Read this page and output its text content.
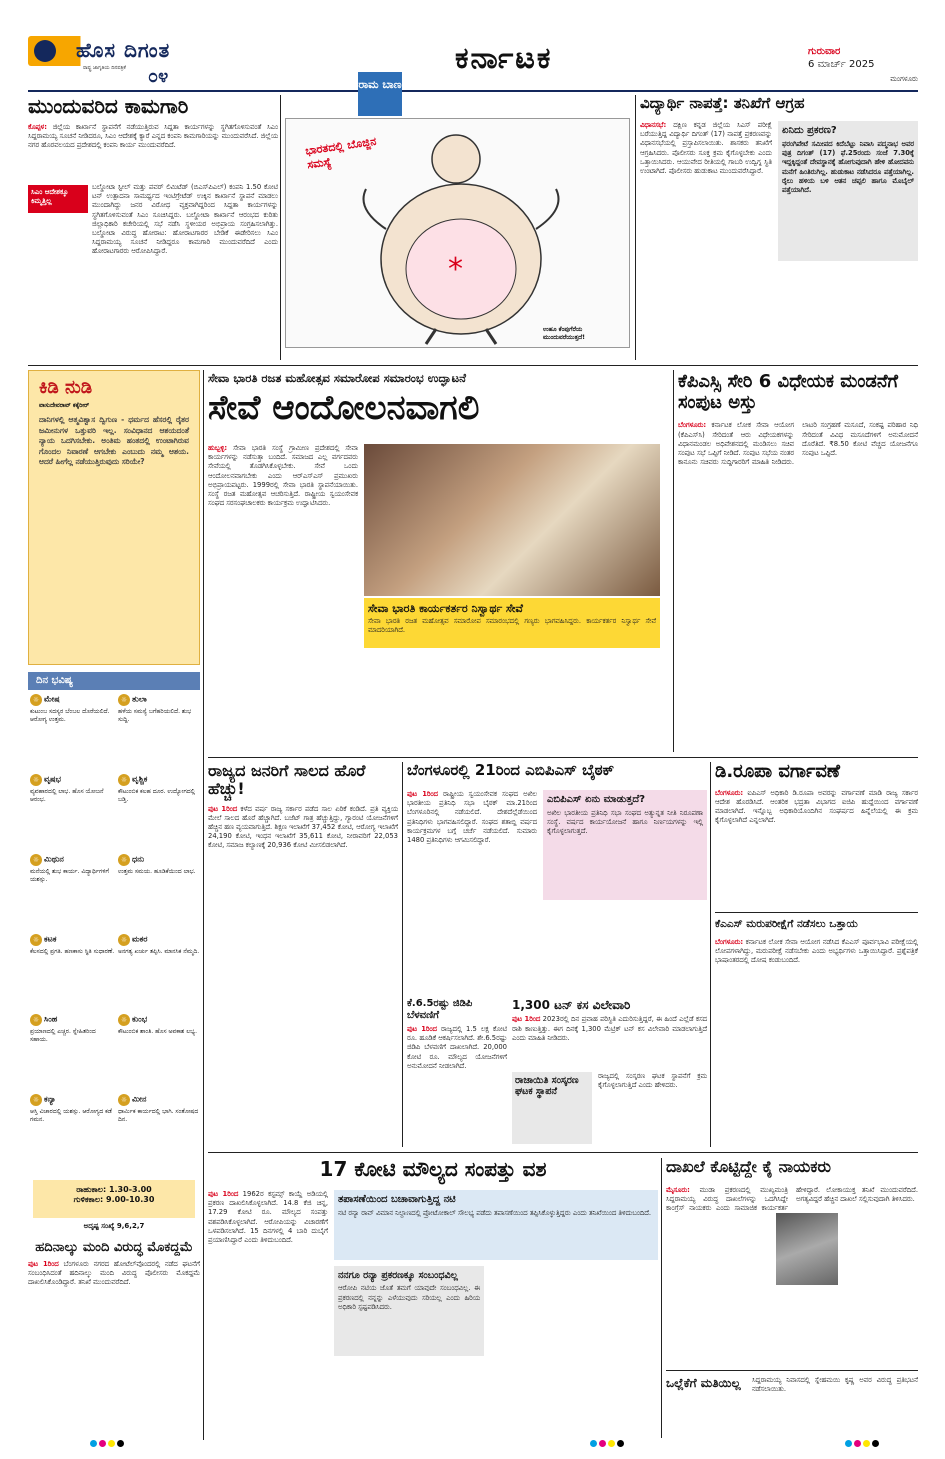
ಹೊಸ ದಿಗಂತ
ರಾಷ್ಟ್ರ ಜಾಗೃತಿಯ ದಿನಪತ್ರಿಕೆ ೦೪
ಕರ್ನಾಟಕ	ಗುರುವಾರ
6 ಮಾರ್ಚ್ 2025
ಮಂಗಳೂರು
ಮುಂದುವರಿದ ಕಾಮಗಾರಿ
ಕೊಪ್ಪಳ: ಜಿಲ್ಲೆಯ ಕಾರ್ಖಾನೆ ಸ್ಥಾಪನೆಗೆ ನಡೆಯುತ್ತಿರುವ ಸಿದ್ದತಾ ಕಾರ್ಯಗಳನ್ನು ಸ್ಥಗಿತಗೊಳಿಸುವಂತೆ ಸಿಎಂ ಸಿದ್ದರಾಮಯ್ಯ ಸೂಚನೆ ನೀಡಿದರೂ, ಸಿಎಂ ಆದೇಶಕ್ಕೆ ಕ್ಯಾರೆ ಎನ್ನದ ಕಂಪನಿ ಕಾಮಗಾರಿಯನ್ನು ಮುಂದುವರೆಸಿದೆ. ಜಿಲ್ಲೆಯ ನಗರ ಹೊರವಲಯದ ಪ್ರದೇಶದಲ್ಲಿ ಕಂಪನಿ ಕಾರ್ಯ ಮುಂದುವರೆದಿದೆ.
ಸಿಎಂ ಆದೇಶಕ್ಕೂ ಕಿಮ್ಮತ್ತಿಲ್ಲ
ಬಲ್ಡೋಟಾ ಸ್ಟೀಲ್ ಮತ್ತು ಪವರ್ ಲಿಮಿಟೆಡ್ (ಬಿಎಸ್‌ಪಿಎಲ್) ಕಂಪನಿ 1.50 ಕೋಟಿ ಟನ್ ಉತ್ಪಾದನಾ ಸಾಮರ್ಥ್ಯದ ಇಂಟಿಗ್ರೇಟೆಡ್ ಉಕ್ಕಿನ ಕಾರ್ಖಾನೆ ಸ್ಥಾಪನೆ ಮಾಡಲು ಮುಂದಾಗಿದ್ದು ಜನರ ವಿರೋಧ ವ್ಯಕ್ತವಾಗಿದ್ದರಿಂದ ಸಿದ್ದತಾ ಕಾರ್ಯಗಳನ್ನು ಸ್ಥಗಿತಗೊಳಿಸುವಂತೆ ಸಿಎಂ ಸೂಚಿಸಿದ್ದರು. ಬಲ್ಡೋಟಾ ಕಾರ್ಖಾನೆ ಆರಂಭದ ಕುರಿತು ಜಿಲ್ಲಾಧಿಕಾರಿ ಕಚೇರಿಯಲ್ಲಿ ಸಭೆ ನಡೆಸಿ ಸ್ಥಳೀಯರ ಅಭಿಪ್ರಾಯ ಸಂಗ್ರಹಿಸಲಾಗಿತ್ತು. ಬಲ್ಡೋಟಾ ವಿರುದ್ಧ ಹೋರಾಟ: ಹೋರಾಟಗಾರರ ಬೇಡಿಕೆ ಈಡೇರಿಸಲು ಸಿಎಂ ಸಿದ್ದರಾಮಯ್ಯ ಸೂಚನೆ ನೀಡಿದ್ದರೂ ಕಾಮಗಾರಿ ಮುಂದುವರೆದಿದೆ ಎಂದು ಹೋರಾಟಗಾರರು ಆರೋಪಿಸಿದ್ದಾರೆ.
ರಾಮ ಬಾಣ
ಭಾರತದಲ್ಲಿ ಬೊಜ್ಜಿನ ಸಮಸ್ಯೆ
*
ಉಹೂ ಕೆಂಪುಗೆರೆಯ ಮುಂದುವರೆಯುತ್ತದೆ!
ವಿದ್ಯಾರ್ಥಿ ನಾಪತ್ತೆ: ತನಿಖೆಗೆ ಆಗ್ರಹ
ವಿಧಾನಸಭೆ: ದಕ್ಷಿಣ ಕನ್ನಡ ಜಿಲ್ಲೆಯ ಸಿಎಸ್ ಪರೀಕ್ಷೆ ಬರೆಯುತ್ತಿದ್ದ ವಿದ್ಯಾರ್ಥಿ ದಿಗಂತ್ (17) ನಾಪತ್ತೆ ಪ್ರಕರಣವನ್ನು ವಿಧಾನಸಭೆಯಲ್ಲಿ ಪ್ರಸ್ತಾಪಿಸಲಾಯಿತು. ಶಾಸಕರು ತನಿಖೆಗೆ ಆಗ್ರಹಿಸಿದರು. ಪೊಲೀಸರು ಸೂಕ್ತ ಕ್ರಮ ಕೈಗೊಳ್ಳಬೇಕು ಎಂದು ಒತ್ತಾಯಿಸಿದರು. ಆಯುವೇದ ರೀತಿಯಲ್ಲಿ ಗಾಬರಿ ಉದ್ವಿಗ್ನ ಸ್ಥಿತಿ ಉಂಟಾಗಿದೆ. ಪೊಲೀಸರು ಹುಡುಕಾಟ ಮುಂದುವರೆಸಿದ್ದಾರೆ.
ಏನಿದು ಪ್ರಕರಣ?
ಫರಂಗಿಪೇಟೆ ಸಮೀಪದ ಕಿದೆಬೆಟ್ಟು ನಿವಾಸಿ ಪದ್ಮನಾಭ ಅವರ ಪುತ್ರ ದಿಗಂತ್ (17) ಫೆ.25ರಂದು ಸಂಜೆ 7.30ಕ್ಕೆ ಇದ್ದಕ್ಕಿದ್ದಂತೆ ದೇವಸ್ಥಾನಕ್ಕೆ ಹೋಗುವುದಾಗಿ ಹೇಳಿ ಹೋದವನು ಮನೆಗೆ ಹಿಂತಿರುಗಿಲ್ಲ. ಹುಡುಕಾಟ ನಡೆಸಿದರೂ ಪತ್ತೆಯಾಗಿಲ್ಲ. ರೈಲು ಹಳಿಯ ಬಳಿ ಆತನ ಚಪ್ಪಲಿ ಹಾಗೂ ಮೊಬೈಲ್ ಪತ್ತೆಯಾಗಿದೆ.
ಕಿಡಿ ನುಡಿ
ವಾಸುದೇವರಾವ್ ಕಕ್ಕೆರೀರ್
ದಾನಿಗಳಲ್ಲಿ ಆತ್ಮವಿಶ್ವಾಸ ದ್ವಿಗುಣ - ಧರ್ಮದ ಹೆಸರಲ್ಲಿ ರೈತರ ಜಮೀನುಗಳ ಒತ್ತುವರಿ ಇಲ್ಲ. ಸಂವಿಧಾನದ ಆಶಯದಂತೆ ನ್ಯಾಯ ಒದಗಿಸಬೇಕು. ಅಂತಿಮ ಹಂತದಲ್ಲಿ ಉಂಟಾಗಿರುವ ಗೊಂದಲ ನಿವಾರಣೆ ಆಗಬೇಕು ಎಂಬುದು ನಮ್ಮ ಆಶಯ. ಆದರೆ ಹೀಗೆಲ್ಲ ನಡೆಯುತ್ತಿರುವುದು ಸರಿಯೇ?
ದಿನ ಭವಿಷ್ಯ
☼ ಮೇಷ
ಕುಟುಂಬ ಸದಸ್ಯರ ಬೆಂಬಲ ದೊರೆಯಲಿದೆ. ಆರೋಗ್ಯ ಉತ್ತಮ.
☼ ವೃಷಭ
ವ್ಯವಹಾರದಲ್ಲಿ ಲಾಭ. ಹೊಸ ಯೋಜನೆ ಆರಂಭ.
☼ ಮಿಥುನ
ಮನೆಯಲ್ಲಿ ಶುಭ ಕಾರ್ಯ. ವಿದ್ಯಾರ್ಥಿಗಳಿಗೆ ಯಶಸ್ಸು.
☼ ಕಟಕ
ಕೆಲಸದಲ್ಲಿ ಪ್ರಗತಿ. ಹಣಕಾಸು ಸ್ಥಿತಿ ಸುಧಾರಣೆ.
☼ ಸಿಂಹ
ಪ್ರಯಾಣದಲ್ಲಿ ಎಚ್ಚರ. ಸ್ನೇಹಿತರಿಂದ ಸಹಾಯ.
☼ ಕನ್ಯಾ
ಆಸ್ತಿ ವಿಚಾರದಲ್ಲಿ ಯಶಸ್ಸು. ಆರೋಗ್ಯದ ಕಡೆ ಗಮನ.
☼ ತುಲಾ
ಹಳೆಯ ಸಮಸ್ಯೆ ಬಗೆಹರಿಯಲಿದೆ. ಶುಭ ಸುದ್ದಿ.
☼ ವೃಶ್ಚಿಕ
ಕೌಟುಂಬಿಕ ಕಲಹ ದೂರ. ಉದ್ಯೋಗದಲ್ಲಿ ಬಡ್ತಿ.
☼ ಧನು
ಉತ್ತಮ ಸಮಯ. ಹೂಡಿಕೆಯಿಂದ ಲಾಭ.
☼ ಮಕರ
ಅನಗತ್ಯ ಖರ್ಚು ತಪ್ಪಿಸಿ. ಮಾನಸಿಕ ನೆಮ್ಮದಿ.
☼ ಕುಂಭ
ಕೌಟುಂಬಿಕ ಶಾಂತಿ. ಹೊಸ ಅವಕಾಶ ಲಭ್ಯ.
☼ ಮೀನ
ಧಾರ್ಮಿಕ ಕಾರ್ಯದಲ್ಲಿ ಭಾಗಿ. ಸಂತೋಷದ ದಿನ.
ರಾಹುಕಾಲ: 1.30-3.00
ಗುಳಿಕಕಾಲ: 9.00-10.30
ಅದೃಷ್ಟ ಸಂಖ್ಯೆ 9,6,2,7
ಹದಿನಾಲ್ಕು ಮಂದಿ ವಿರುದ್ಧ ಮೊಕದ್ದಮೆ
ಪುಟ 1ರಿಂದ ಬೆಂಗಳೂರು ನಗರದ ಹೋಟೆಲ್‌ವೊಂದರಲ್ಲಿ ನಡೆದ ಘಟನೆಗೆ ಸಂಬಂಧಿಸಿದಂತೆ ಹದಿನಾಲ್ಕು ಮಂದಿ ವಿರುದ್ಧ ಪೊಲೀಸರು ಮೊಕದ್ದಮೆ ದಾಖಲಿಸಿಕೊಂಡಿದ್ದಾರೆ. ತನಿಖೆ ಮುಂದುವರೆದಿದೆ.
ಸೇವಾ ಭಾರತಿ ರಜತ ಮಹೋತ್ಸವ ಸಮಾರೋಪ ಸಮಾರಂಭ ಉದ್ಘಾಟನೆ
ಸೇವೆ ಆಂದೋಲನವಾಗಲಿ
ಹುಬ್ಬಳ್ಳಿ: ಸೇವಾ ಭಾರತಿ ಸಂಸ್ಥೆ ಗ್ರಾಮೀಣ ಪ್ರದೇಶದಲ್ಲಿ ಸೇವಾ ಕಾರ್ಯಗಳನ್ನು ನಡೆಸುತ್ತಾ ಬಂದಿದೆ. ಸಮಾಜದ ಎಲ್ಲ ವರ್ಗದವರು ಸೇವೆಯಲ್ಲಿ ತೊಡಗಿಸಿಕೊಳ್ಳಬೇಕು. ಸೇವೆ ಒಂದು ಆಂದೋಲನವಾಗಬೇಕು ಎಂದು ಆರ್‌ಎಸ್‌ಎಸ್ ಪ್ರಮುಖರು ಅಭಿಪ್ರಾಯಪಟ್ಟರು. 1999ರಲ್ಲಿ ಸೇವಾ ಭಾರತಿ ಸ್ಥಾಪನೆಯಾಯಿತು. ಸಂಸ್ಥೆ ರಜತ ಮಹೋತ್ಸವ ಆಚರಿಸುತ್ತಿದೆ. ರಾಷ್ಟ್ರೀಯ ಸ್ವಯಂಸೇವಕ ಸಂಘದ ಸರಸಂಘಚಾಲಕರು ಕಾರ್ಯಕ್ರಮ ಉದ್ಘಾಟಿಸಿದರು.
ಸೇವಾ ಭಾರತಿ ಕಾರ್ಯಕರ್ತರ ನಿಸ್ವಾರ್ಥ ಸೇವೆ
ಸೇವಾ ಭಾರತಿ ರಜತ ಮಹೋತ್ಸವ ಸಮಾರೋಪ ಸಮಾರಂಭದಲ್ಲಿ ಗಣ್ಯರು ಭಾಗವಹಿಸಿದ್ದರು. ಕಾರ್ಯಕರ್ತರ ನಿಸ್ವಾರ್ಥ ಸೇವೆ ಮಾದರಿಯಾಗಿದೆ.
ಕೆಪಿಎಸ್ಸಿ ಸೇರಿ 6 ವಿಧೇಯಕ ಮಂಡನೆಗೆ ಸಂಪುಟ ಅಸ್ತು
ಬೆಂಗಳೂರು: ಕರ್ನಾಟಕ ಲೋಕ ಸೇವಾ ಆಯೋಗ (ಕೆಪಿಎಸ್‌ಸಿ) ಸೇರಿದಂತೆ ಆರು ವಿಧೇಯಕಗಳನ್ನು ವಿಧಾನಮಂಡಲ ಅಧಿವೇಶನದಲ್ಲಿ ಮಂಡಿಸಲು ಸಚಿವ ಸಂಪುಟ ಸಭೆ ಒಪ್ಪಿಗೆ ನೀಡಿದೆ. ಸಂಪುಟ ಸಭೆಯ ನಂತರ ಕಾನೂನು ಸಚಿವರು ಸುದ್ದಿಗಾರರಿಗೆ ಮಾಹಿತಿ ನೀಡಿದರು. ಲಾಟರಿ ಸಂಗ್ರಹಣೆ ಮಸೂದೆ, ಸಂಕಷ್ಟ ಪರಿಹಾರ ನಿಧಿ ಸೇರಿದಂತೆ ವಿವಿಧ ಮಸೂದೆಗಳಿಗೆ ಅನುಮೋದನೆ ದೊರೆತಿದೆ. ₹8.50 ಕೋಟಿ ವೆಚ್ಚದ ಯೋಜನೆಗೂ ಸಂಪುಟ ಒಪ್ಪಿದೆ.
ರಾಜ್ಯದ ಜನರಿಗೆ ಸಾಲದ ಹೊರೆ ಹೆಚ್ಚು!
ಪುಟ 1ರಿಂದ ಕಳೆದ ವರ್ಷ ರಾಜ್ಯ ಸರ್ಕಾರ ಪಡೆದ ಸಾಲ ಏರಿಕೆ ಕಂಡಿದೆ. ಪ್ರತಿ ವ್ಯಕ್ತಿಯ ಮೇಲೆ ಸಾಲದ ಹೊರೆ ಹೆಚ್ಚಾಗಿದೆ. ಬಜೆಟ್ ಗಾತ್ರ ಹೆಚ್ಚುತ್ತಿದ್ದು, ಗ್ಯಾರಂಟಿ ಯೋಜನೆಗಳಿಗೆ ಹೆಚ್ಚಿನ ಹಣ ವ್ಯಯವಾಗುತ್ತಿದೆ. ಶಿಕ್ಷಣ ಇಲಾಖೆಗೆ 37,452 ಕೋಟಿ, ಆರೋಗ್ಯ ಇಲಾಖೆಗೆ 24,190 ಕೋಟಿ, ಇಂಧನ ಇಲಾಖೆಗೆ 35,611 ಕೋಟಿ, ನೀರಾವರಿಗೆ 22,053 ಕೋಟಿ, ಸಮಾಜ ಕಲ್ಯಾಣಕ್ಕೆ 20,936 ಕೋಟಿ ಮೀಸಲಿಡಲಾಗಿದೆ.
ಬೆಂಗಳೂರಲ್ಲಿ 21ರಿಂದ ಎಬಿಪಿಎಸ್ ಬೈಠಕ್
ಪುಟ 1ರಿಂದ ರಾಷ್ಟ್ರೀಯ ಸ್ವಯಂಸೇವಕ ಸಂಘದ ಅಖಿಲ ಭಾರತೀಯ ಪ್ರತಿನಿಧಿ ಸಭಾ ಬೈಠಕ್ ಮಾ.21ರಿಂದ ಬೆಂಗಳೂರಿನಲ್ಲಿ ನಡೆಯಲಿದೆ. ದೇಶದೆಲ್ಲೆಡೆಯಿಂದ ಪ್ರತಿನಿಧಿಗಳು ಭಾಗವಹಿಸಲಿದ್ದಾರೆ. ಸಂಘದ ಶತಾಬ್ದಿ ವರ್ಷದ ಕಾರ್ಯಕ್ರಮಗಳ ಬಗ್ಗೆ ಚರ್ಚೆ ನಡೆಯಲಿದೆ. ಸುಮಾರು 1480 ಪ್ರತಿನಿಧಿಗಳು ಆಗಮಿಸಲಿದ್ದಾರೆ.
ಎಬಿಪಿಎಸ್ ಏನು ಮಾಡುತ್ತದೆ?
ಅಖಿಲ ಭಾರತೀಯ ಪ್ರತಿನಿಧಿ ಸಭಾ ಸಂಘದ ಅತ್ಯುನ್ನತ ನೀತಿ ನಿರೂಪಣಾ ಸಂಸ್ಥೆ. ವರ್ಷದ ಕಾರ್ಯಯೋಜನೆ ಹಾಗೂ ನಿರ್ಣಯಗಳನ್ನು ಇಲ್ಲಿ ಕೈಗೊಳ್ಳಲಾಗುತ್ತದೆ.
ಡಿ.ರೂಪಾ ವರ್ಗಾವಣೆ
ಬೆಂಗಳೂರು: ಐಪಿಎಸ್ ಅಧಿಕಾರಿ ಡಿ.ರೂಪಾ ಅವರನ್ನು ವರ್ಗಾವಣೆ ಮಾಡಿ ರಾಜ್ಯ ಸರ್ಕಾರ ಆದೇಶ ಹೊರಡಿಸಿದೆ. ಆಂತರಿಕ ಭದ್ರತಾ ವಿಭಾಗದ ಐಜಿಪಿ ಹುದ್ದೆಯಿಂದ ವರ್ಗಾವಣೆ ಮಾಡಲಾಗಿದೆ. ಇನ್ನೊಬ್ಬ ಅಧಿಕಾರಿಯೊಂದಿಗಿನ ಸಂಘರ್ಷದ ಹಿನ್ನೆಲೆಯಲ್ಲಿ ಈ ಕ್ರಮ ಕೈಗೊಳ್ಳಲಾಗಿದೆ ಎನ್ನಲಾಗಿದೆ.
ಕೆಎಎಸ್ ಮರುಪರೀಕ್ಷೆಗೆ ನಡೆಸಲು ಒತ್ತಾಯ
ಬೆಂಗಳೂರು: ಕರ್ನಾಟಕ ಲೋಕ ಸೇವಾ ಆಯೋಗ ನಡೆಸಿದ ಕೆಎಎಸ್ ಪೂರ್ವಭಾವಿ ಪರೀಕ್ಷೆಯಲ್ಲಿ ಲೋಪಗಳಾಗಿದ್ದು, ಮರುಪರೀಕ್ಷೆ ನಡೆಸಬೇಕು ಎಂದು ಅಭ್ಯರ್ಥಿಗಳು ಒತ್ತಾಯಿಸಿದ್ದಾರೆ. ಪ್ರಶ್ನೆಪತ್ರಿಕೆ ಭಾಷಾಂತರದಲ್ಲಿ ದೋಷ ಕಂಡುಬಂದಿದೆ.
ಕೆ.6.5ರಷ್ಟು ಜಿಡಿಪಿ ಬೆಳವಣಿಗೆ
ಪುಟ 1ರಿಂದ ರಾಜ್ಯದಲ್ಲಿ 1.5 ಲಕ್ಷ ಕೋಟಿ ರೂ. ಹೂಡಿಕೆ ಆಕರ್ಷಿಸಲಾಗಿದೆ. ಶೇ.6.5ರಷ್ಟು ಜಿಡಿಪಿ ಬೆಳವಣಿಗೆ ದಾಖಲಾಗಿದೆ. 20,000 ಕೋಟಿ ರೂ. ಮೌಲ್ಯದ ಯೋಜನೆಗಳಿಗೆ ಅನುಮೋದನೆ ನೀಡಲಾಗಿದೆ.
1,300 ಟನ್ ಕಸ ವಿಲೇವಾರಿ
ಪುಟ 1ರಿಂದ 2023ರಲ್ಲಿ ದಿನ ಪ್ರವಾಹ ಪರಿಸ್ಥಿತಿ ಎದುರಿಸುತ್ತಿದ್ದರೆ, ಈ ಹಿಂದೆ ಎಲ್ಲೆಡೆ ಕಸದ ರಾಶಿ ಕಾಣುತ್ತಿತ್ತು. ಈಗ ದಿನಕ್ಕೆ 1,300 ಮೆಟ್ರಿಕ್ ಟನ್ ಕಸ ವಿಲೇವಾರಿ ಮಾಡಲಾಗುತ್ತಿದೆ ಎಂದು ಮಾಹಿತಿ ನೀಡಿದರು.
ರಾಜಾಯಿತಿ ಸಂಸ್ಕರಣ ಘಟಕ ಸ್ಥಾಪನೆ
ರಾಜ್ಯದಲ್ಲಿ ಸಂಸ್ಕರಣ ಘಟಕ ಸ್ಥಾಪನೆಗೆ ಕ್ರಮ ಕೈಗೊಳ್ಳಲಾಗುತ್ತಿದೆ ಎಂದು ಹೇಳಿದರು.
17 ಕೋಟಿ ಮೌಲ್ಯದ ಸಂಪತ್ತು ವಶ
ಪುಟ 1ರಿಂದ 1962ರ ಕಸ್ಟಮ್ಸ್ ಕಾಯ್ದೆ ಅಡಿಯಲ್ಲಿ ಪ್ರಕರಣ ದಾಖಲಿಸಿಕೊಳ್ಳಲಾಗಿದೆ. 14.8 ಕೆಜಿ ಚಿನ್ನ, 17.29 ಕೋಟಿ ರೂ. ಮೌಲ್ಯದ ಸಂಪತ್ತು ವಶಪಡಿಸಿಕೊಳ್ಳಲಾಗಿದೆ. ಆರೋಪಿಯನ್ನು ವಿಚಾರಣೆಗೆ ಒಳಪಡಿಸಲಾಗಿದೆ. 15 ದಿನಗಳಲ್ಲಿ 4 ಬಾರಿ ದುಬೈಗೆ ಪ್ರಯಾಣಿಸಿದ್ದಾರೆ ಎಂದು ತಿಳಿದುಬಂದಿದೆ.
ತಪಾಸಣೆಯಿಂದ ಬಚಾವಾಗುತ್ತಿದ್ದ ನಟಿ
ನಟಿ ರನ್ಯಾ ರಾವ್ ವಿಮಾನ ನಿಲ್ದಾಣದಲ್ಲಿ ಪ್ರೋಟೋಕಾಲ್ ಸೌಲಭ್ಯ ಪಡೆದು ತಪಾಸಣೆಯಿಂದ ತಪ್ಪಿಸಿಕೊಳ್ಳುತ್ತಿದ್ದರು ಎಂದು ತನಿಖೆಯಿಂದ ತಿಳಿದುಬಂದಿದೆ.
ನನಗೂ ರನ್ಯಾ ಪ್ರಕರಣಕ್ಕೂ ಸಂಬಂಧವಿಲ್ಲ
ಆರೋಪಿ ನಟಿಯ ಜೊತೆ ತಮಗೆ ಯಾವುದೇ ಸಂಬಂಧವಿಲ್ಲ. ಈ ಪ್ರಕರಣದಲ್ಲಿ ನನ್ನನ್ನು ಎಳೆಯುವುದು ಸರಿಯಲ್ಲ ಎಂದು ಹಿರಿಯ ಅಧಿಕಾರಿ ಸ್ಪಷ್ಟಪಡಿಸಿದರು.
ದಾಖಲೆ ಕೊಟ್ಟಿದ್ದೇ ಕೈ ನಾಯಕರು
ಮೈಸೂರು: ಮುಡಾ ಪ್ರಕರಣದಲ್ಲಿ ಮುಖ್ಯಮಂತ್ರಿ ಸಿದ್ದರಾಮಯ್ಯ ವಿರುದ್ಧ ದಾಖಲೆಗಳನ್ನು ಒದಗಿಸಿದ್ದೇ ಕಾಂಗ್ರೆಸ್ ನಾಯಕರು ಎಂದು ಸಾಮಾಜಿಕ ಕಾರ್ಯಕರ್ತ ಹೇಳಿದ್ದಾರೆ. ಲೋಕಾಯುಕ್ತ ತನಿಖೆ ಮುಂದುವರೆದಿದೆ. ಅಗತ್ಯವಿದ್ದರೆ ಹೆಚ್ಚಿನ ದಾಖಲೆ ಸಲ್ಲಿಸುವುದಾಗಿ ತಿಳಿಸಿದರು.
ಒಲ್ಲೆಕೆಗೆ ಮತಿಯಿಲ್ಲ	ಸಿದ್ದರಾಮಯ್ಯ ನಿವಾಸದಲ್ಲಿ ಸ್ನೇಹಮಯಿ ಕೃಷ್ಣ ಅವರ ವಿರುದ್ಧ ಪ್ರತಿಭಟನೆ ನಡೆಸಲಾಯಿತು.
